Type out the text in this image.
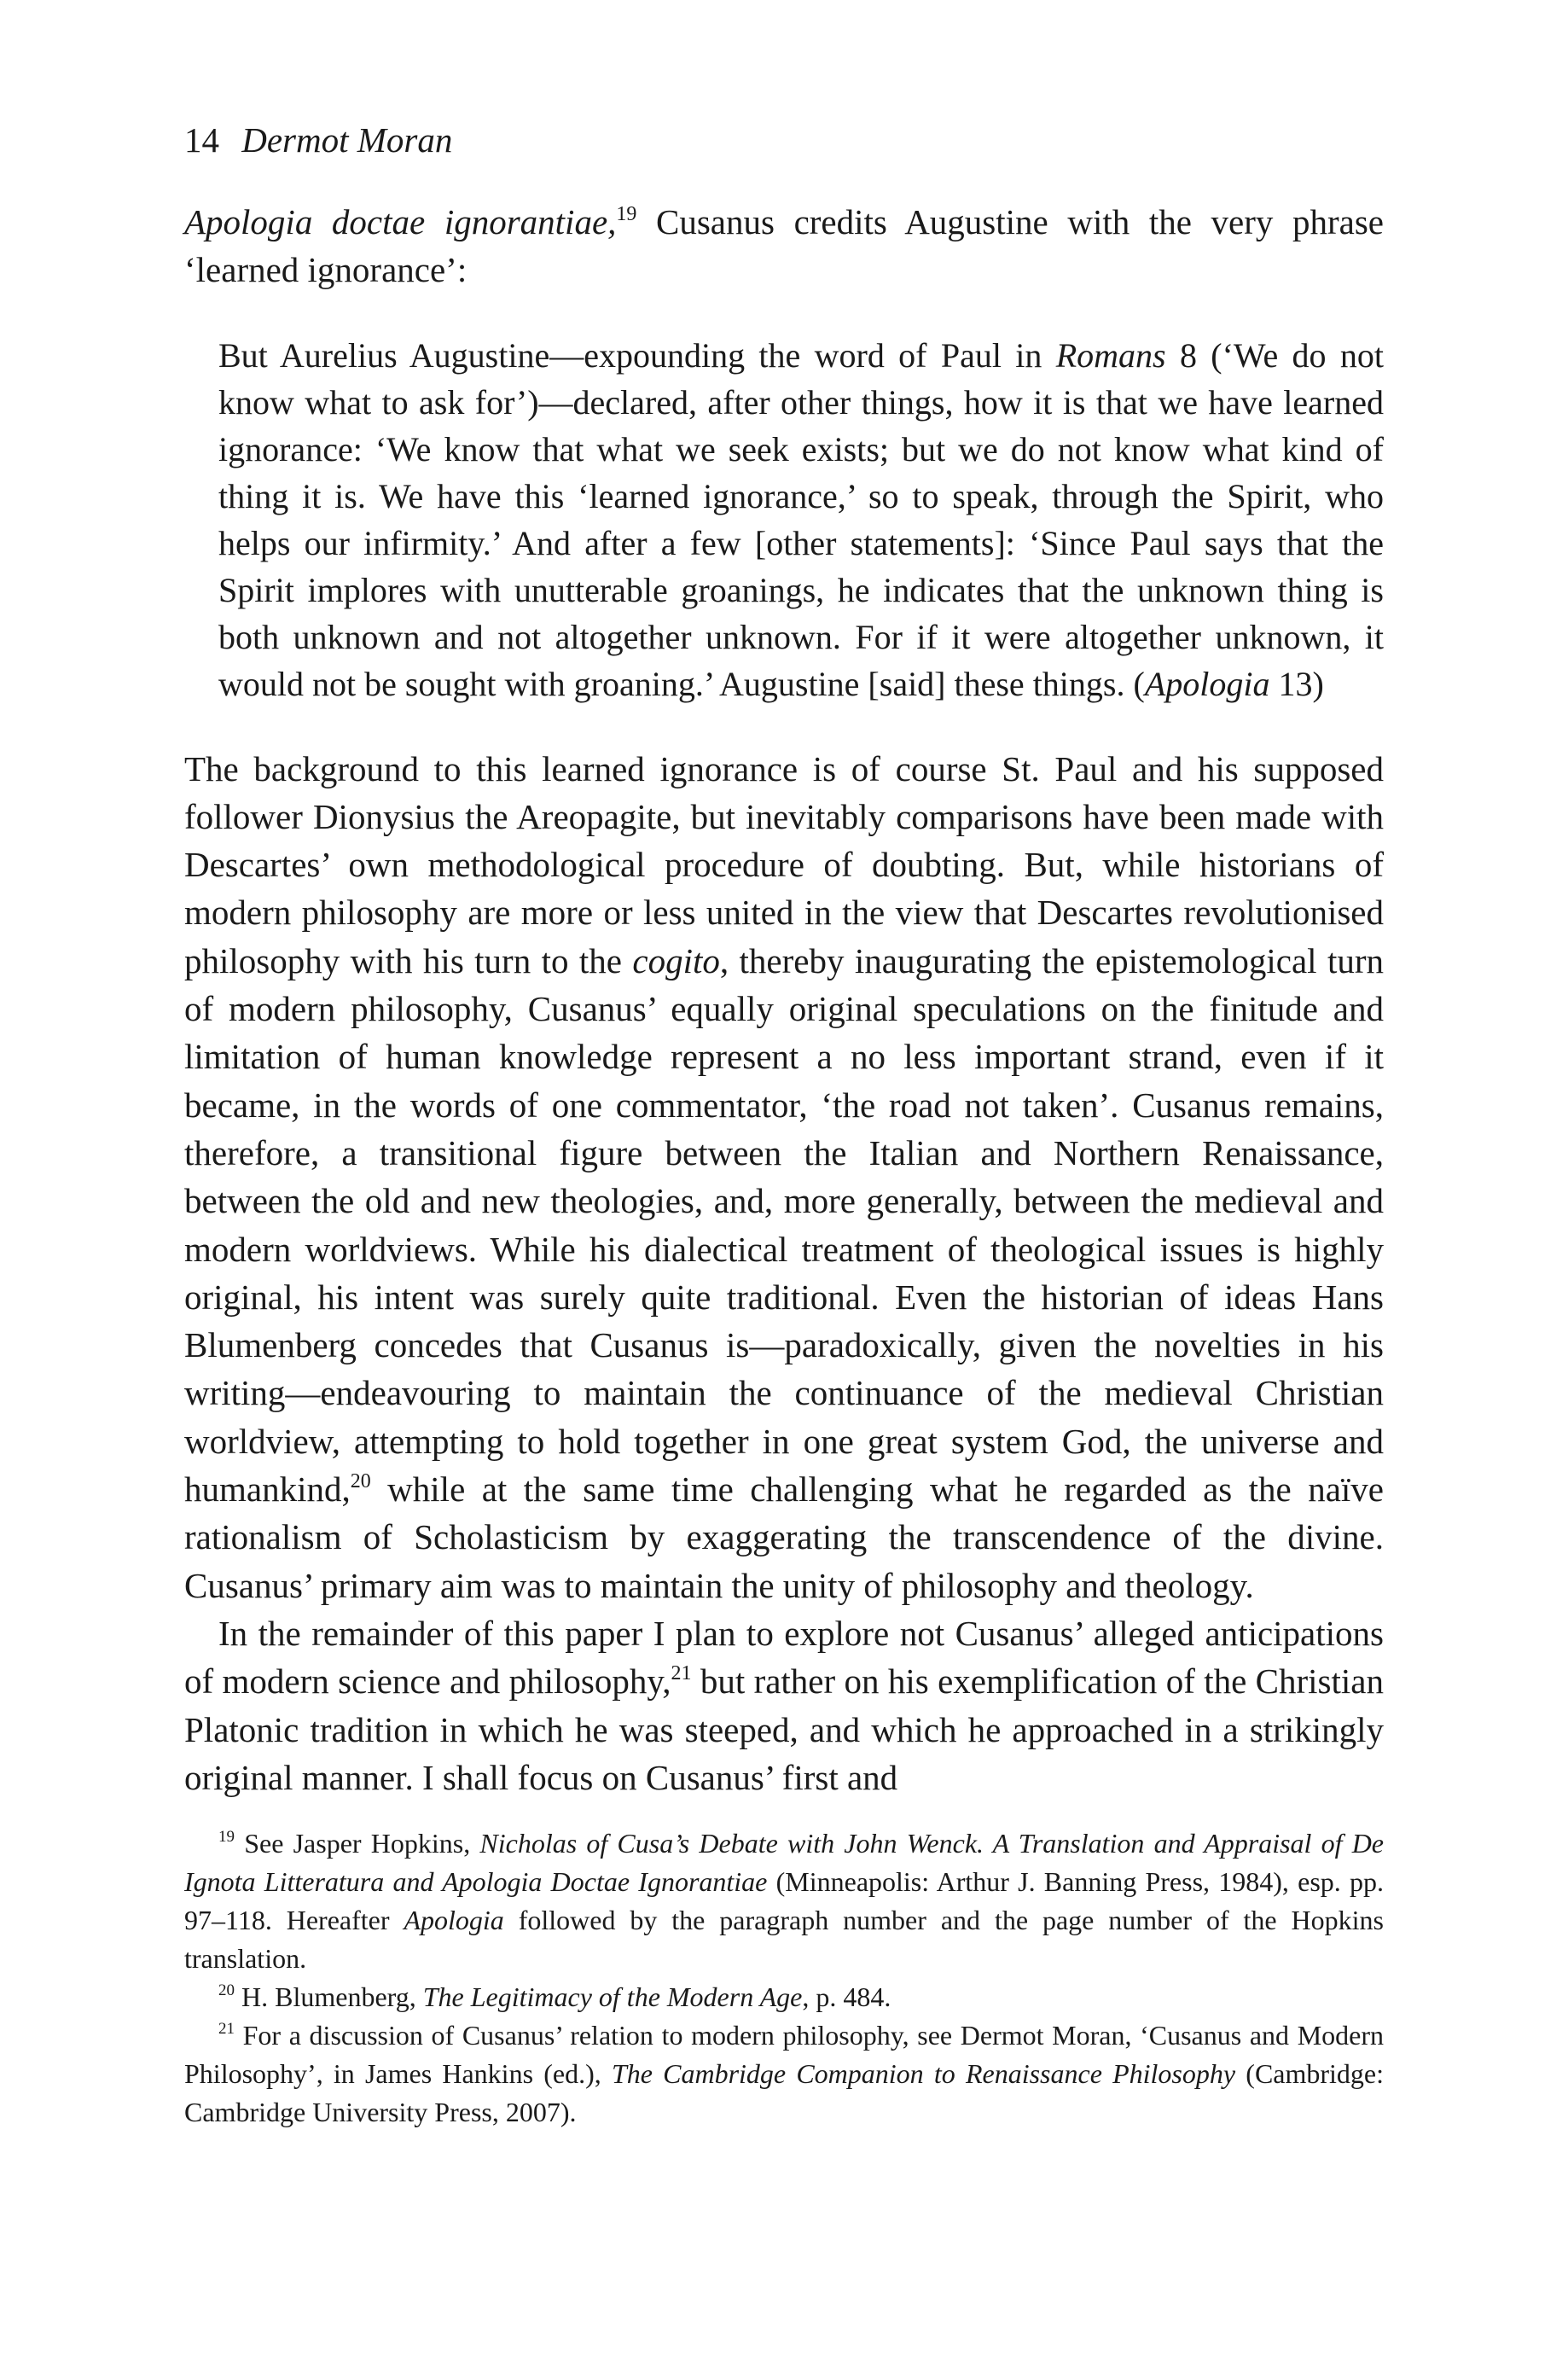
14 Dermot Moran

Apologia doctae ignorantiae,$^{19}$ Cusanus credits Augustine with the very phrase ‘learned ignorance’:

But Aurelius Augustine—expounding the word of Paul in Romans 8 (‘We do not know what to ask for’)—declared, after other things, how it is that we have learned ignorance: ‘We know that what we seek exists; but we do not know what kind of thing it is. We have this ‘learned ignorance,’ so to speak, through the Spirit, who helps our infirmity.’ And after a few [other statements]: ‘Since Paul says that the Spirit implores with unutterable groanings, he indicates that the unknown thing is both unknown and not altogether unknown. For if it were altogether unknown, it would not be sought with groaning.’ Augustine [said] these things. (Apologia 13)

The background to this learned ignorance is of course St. Paul and his supposed follower Dionysius the Areopagite, but inevitably comparisons have been made with Descartes’ own methodological procedure of doubting. But, while historians of modern philosophy are more or less united in the view that Descartes revolutionised philosophy with his turn to the cogito, thereby inaugurating the epistemological turn of modern philosophy, Cusanus’ equally original speculations on the finitude and limitation of human knowledge represent a no less important strand, even if it became, in the words of one commentator, ‘the road not taken’. Cusanus remains, therefore, a transitional figure between the Italian and Northern Renaissance, between the old and new theologies, and, more generally, between the medieval and modern worldviews. While his dialectical treatment of theological issues is highly original, his intent was surely quite traditional. Even the historian of ideas Hans Blumenberg concedes that Cusanus is—paradoxically, given the novelties in his writing—endeavouring to maintain the continuance of the medieval Christian worldview, attempting to hold together in one great system God, the universe and humankind,$^{20}$ while at the same time challenging what he regarded as the naïve rationalism of Scholasticism by exaggerating the transcendence of the divine. Cusanus’ primary aim was to maintain the unity of philosophy and theology.

In the remainder of this paper I plan to explore not Cusanus’ alleged anticipations of modern science and philosophy,$^{21}$ but rather on his exemplification of the Christian Platonic tradition in which he was steeped, and which he approached in a strikingly original manner. I shall focus on Cusanus’ first and

$^{19}$ See Jasper Hopkins, Nicholas of Cusa’s Debate with John Wenck. A Translation and Appraisal of De Ignota Litteratura and Apologia Doctae Ignorantiae (Minneapolis: Arthur J. Banning Press, 1984), esp. pp. 97–118. Hereafter Apologia followed by the paragraph number and the page number of the Hopkins translation.

$^{20}$ H. Blumenberg, The Legitimacy of the Modern Age, p. 484.

$^{21}$ For a discussion of Cusanus’ relation to modern philosophy, see Dermot Moran, ‘Cusanus and Modern Philosophy’, in James Hankins (ed.), The Cambridge Companion to Renaissance Philosophy (Cambridge: Cambridge University Press, 2007).
